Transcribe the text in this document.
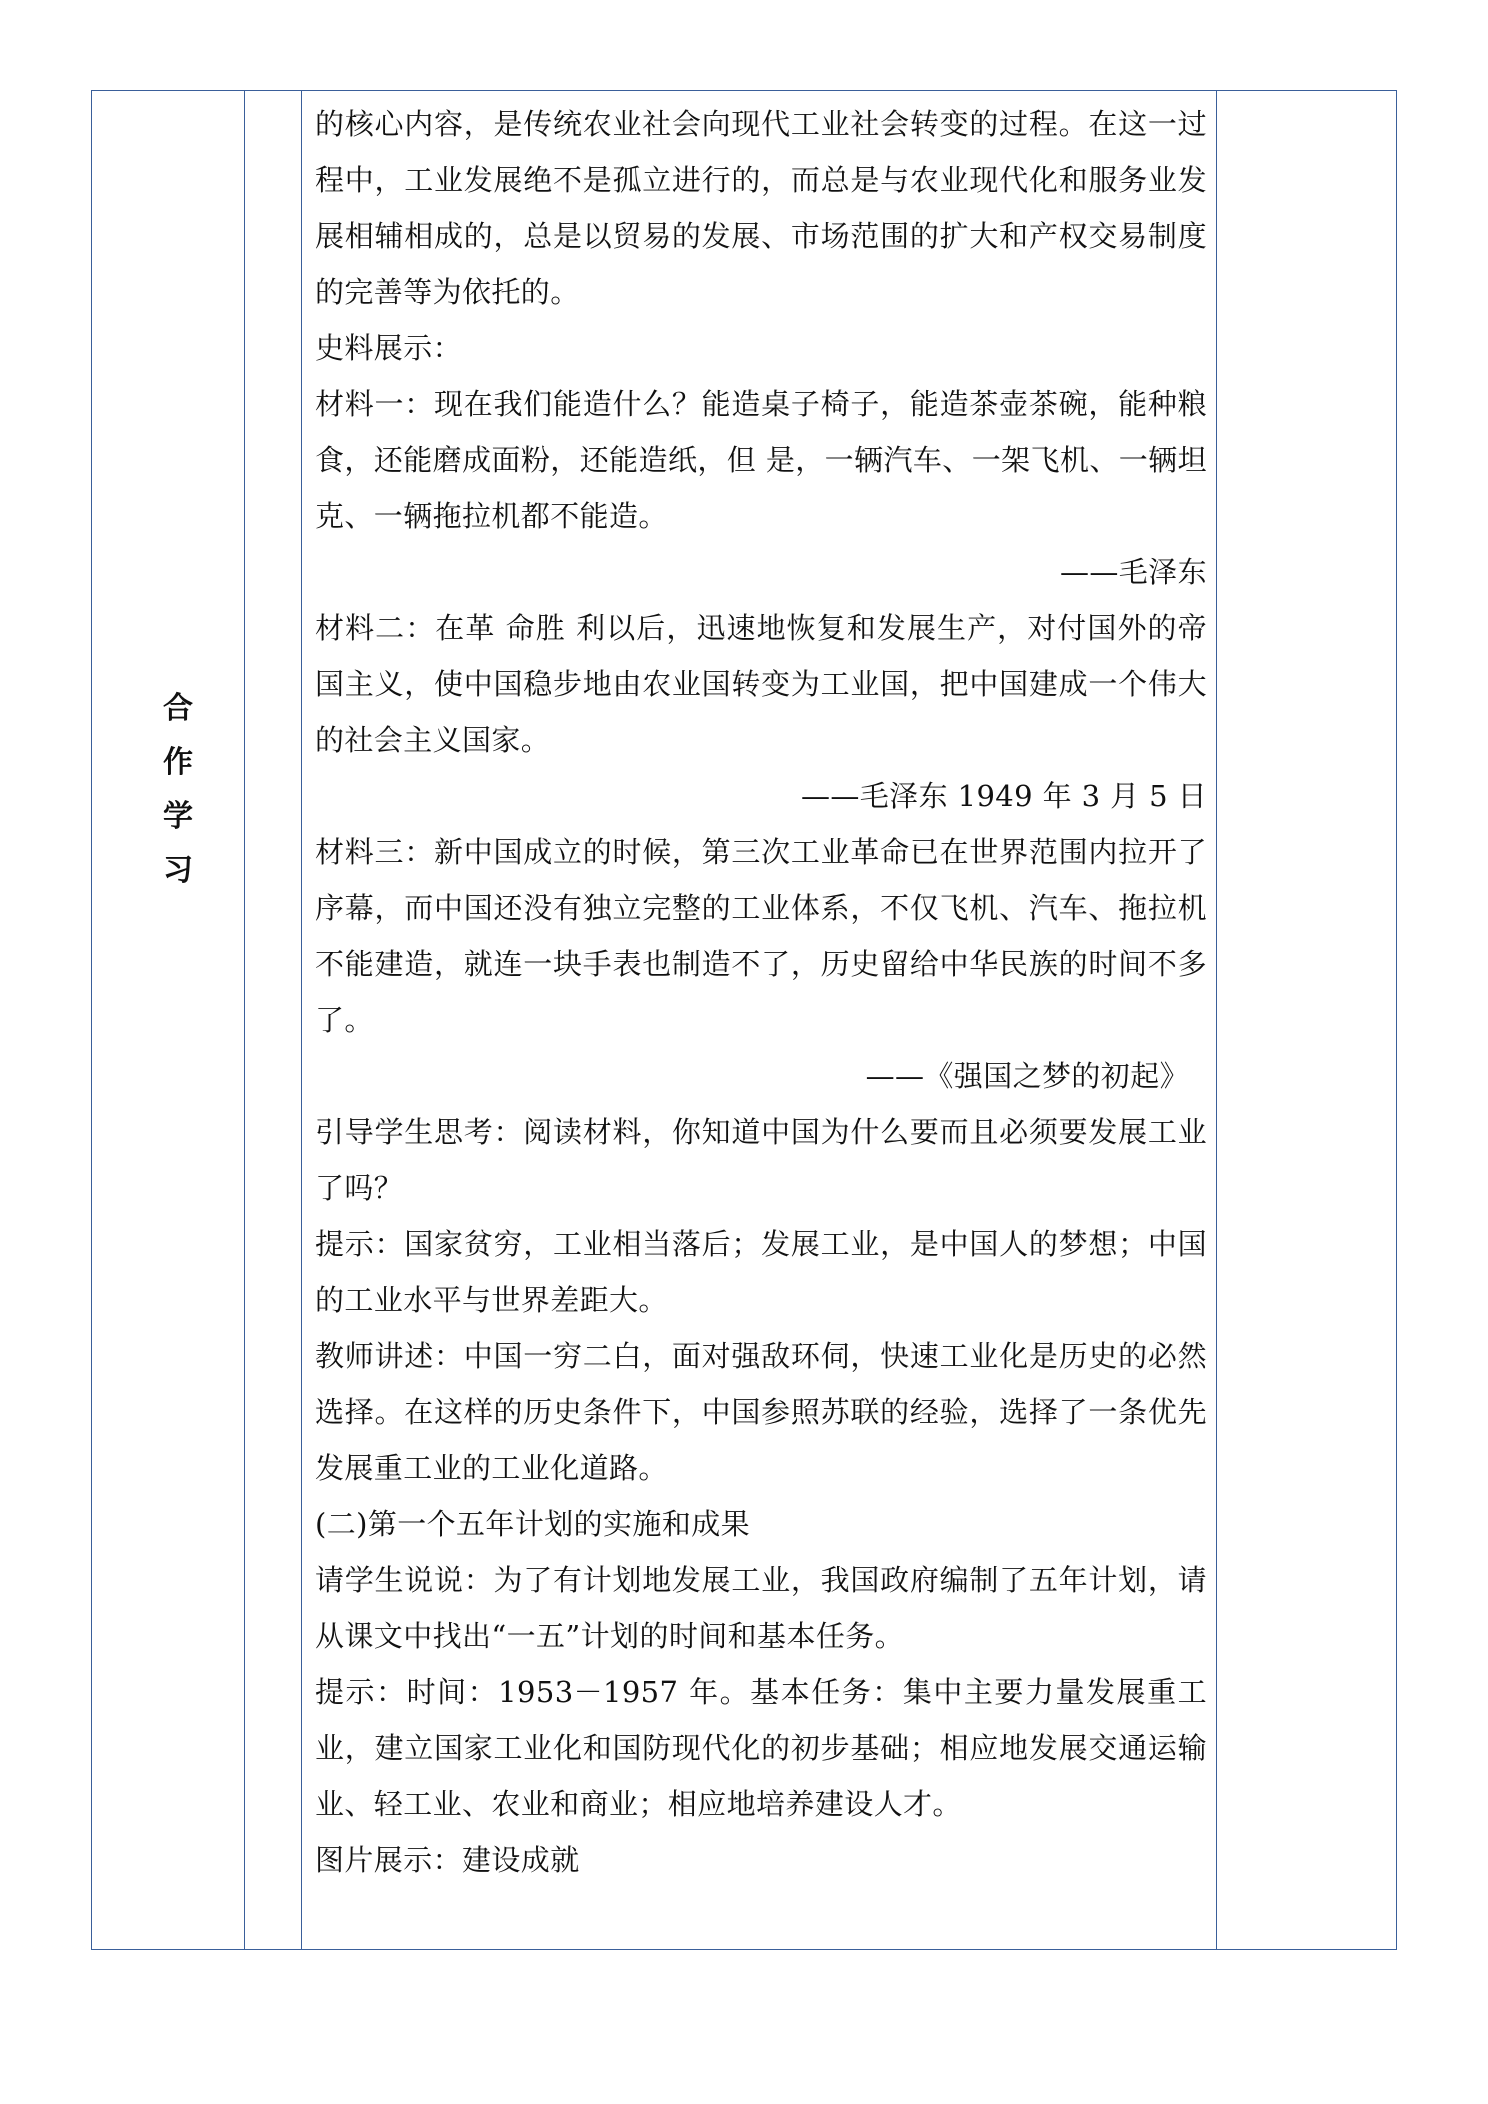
合
作
学
习

的核心内容，是传统农业社会向现代工业社会转变的过程。在这一过程中，工业发展绝不是孤立进行的，而总是与农业现代化和服务业发展相辅相成的，总是以贸易的发展、市场范围的扩大和产权交易制度的完善等为依托的。

史料展示：

材料一：现在我们能造什么？能造桌子椅子，能造茶壶茶碗，能种粮食，还能磨成面粉，还能造纸，但 是，一辆汽车、一架飞机、一辆坦克、一辆拖拉机都不能造。

——毛泽东

材料二：在革 命胜 利以后，迅速地恢复和发展生产，对付国外的帝国主义，使中国稳步地由农业国转变为工业国，把中国建成一个伟大的社会主义国家。

——毛泽东 1949 年 3 月 5 日

材料三：新中国成立的时候，第三次工业革命已在世界范围内拉开了序幕，而中国还没有独立完整的工业体系，不仅飞机、汽车、拖拉机不能建造，就连一块手表也制造不了，历史留给中华民族的时间不多了。

——《强国之梦的初起》

引导学生思考：阅读材料，你知道中国为什么要而且必须要发展工业了吗？

提示：国家贫穷，工业相当落后；发展工业，是中国人的梦想；中国的工业水平与世界差距大。

教师讲述：中国一穷二白，面对强敌环伺，快速工业化是历史的必然选择。在这样的历史条件下，中国参照苏联的经验，选择了一条优先发展重工业的工业化道路。

(二)第一个五年计划的实施和成果

请学生说说：为了有计划地发展工业，我国政府编制了五年计划，请从课文中找出“一五”计划的时间和基本任务。

提示：时间：1953－1957 年。基本任务：集中主要力量发展重工业，建立国家工业化和国防现代化的初步基础；相应地发展交通运输业、轻工业、农业和商业；相应地培养建设人才。

图片展示：建设成就
